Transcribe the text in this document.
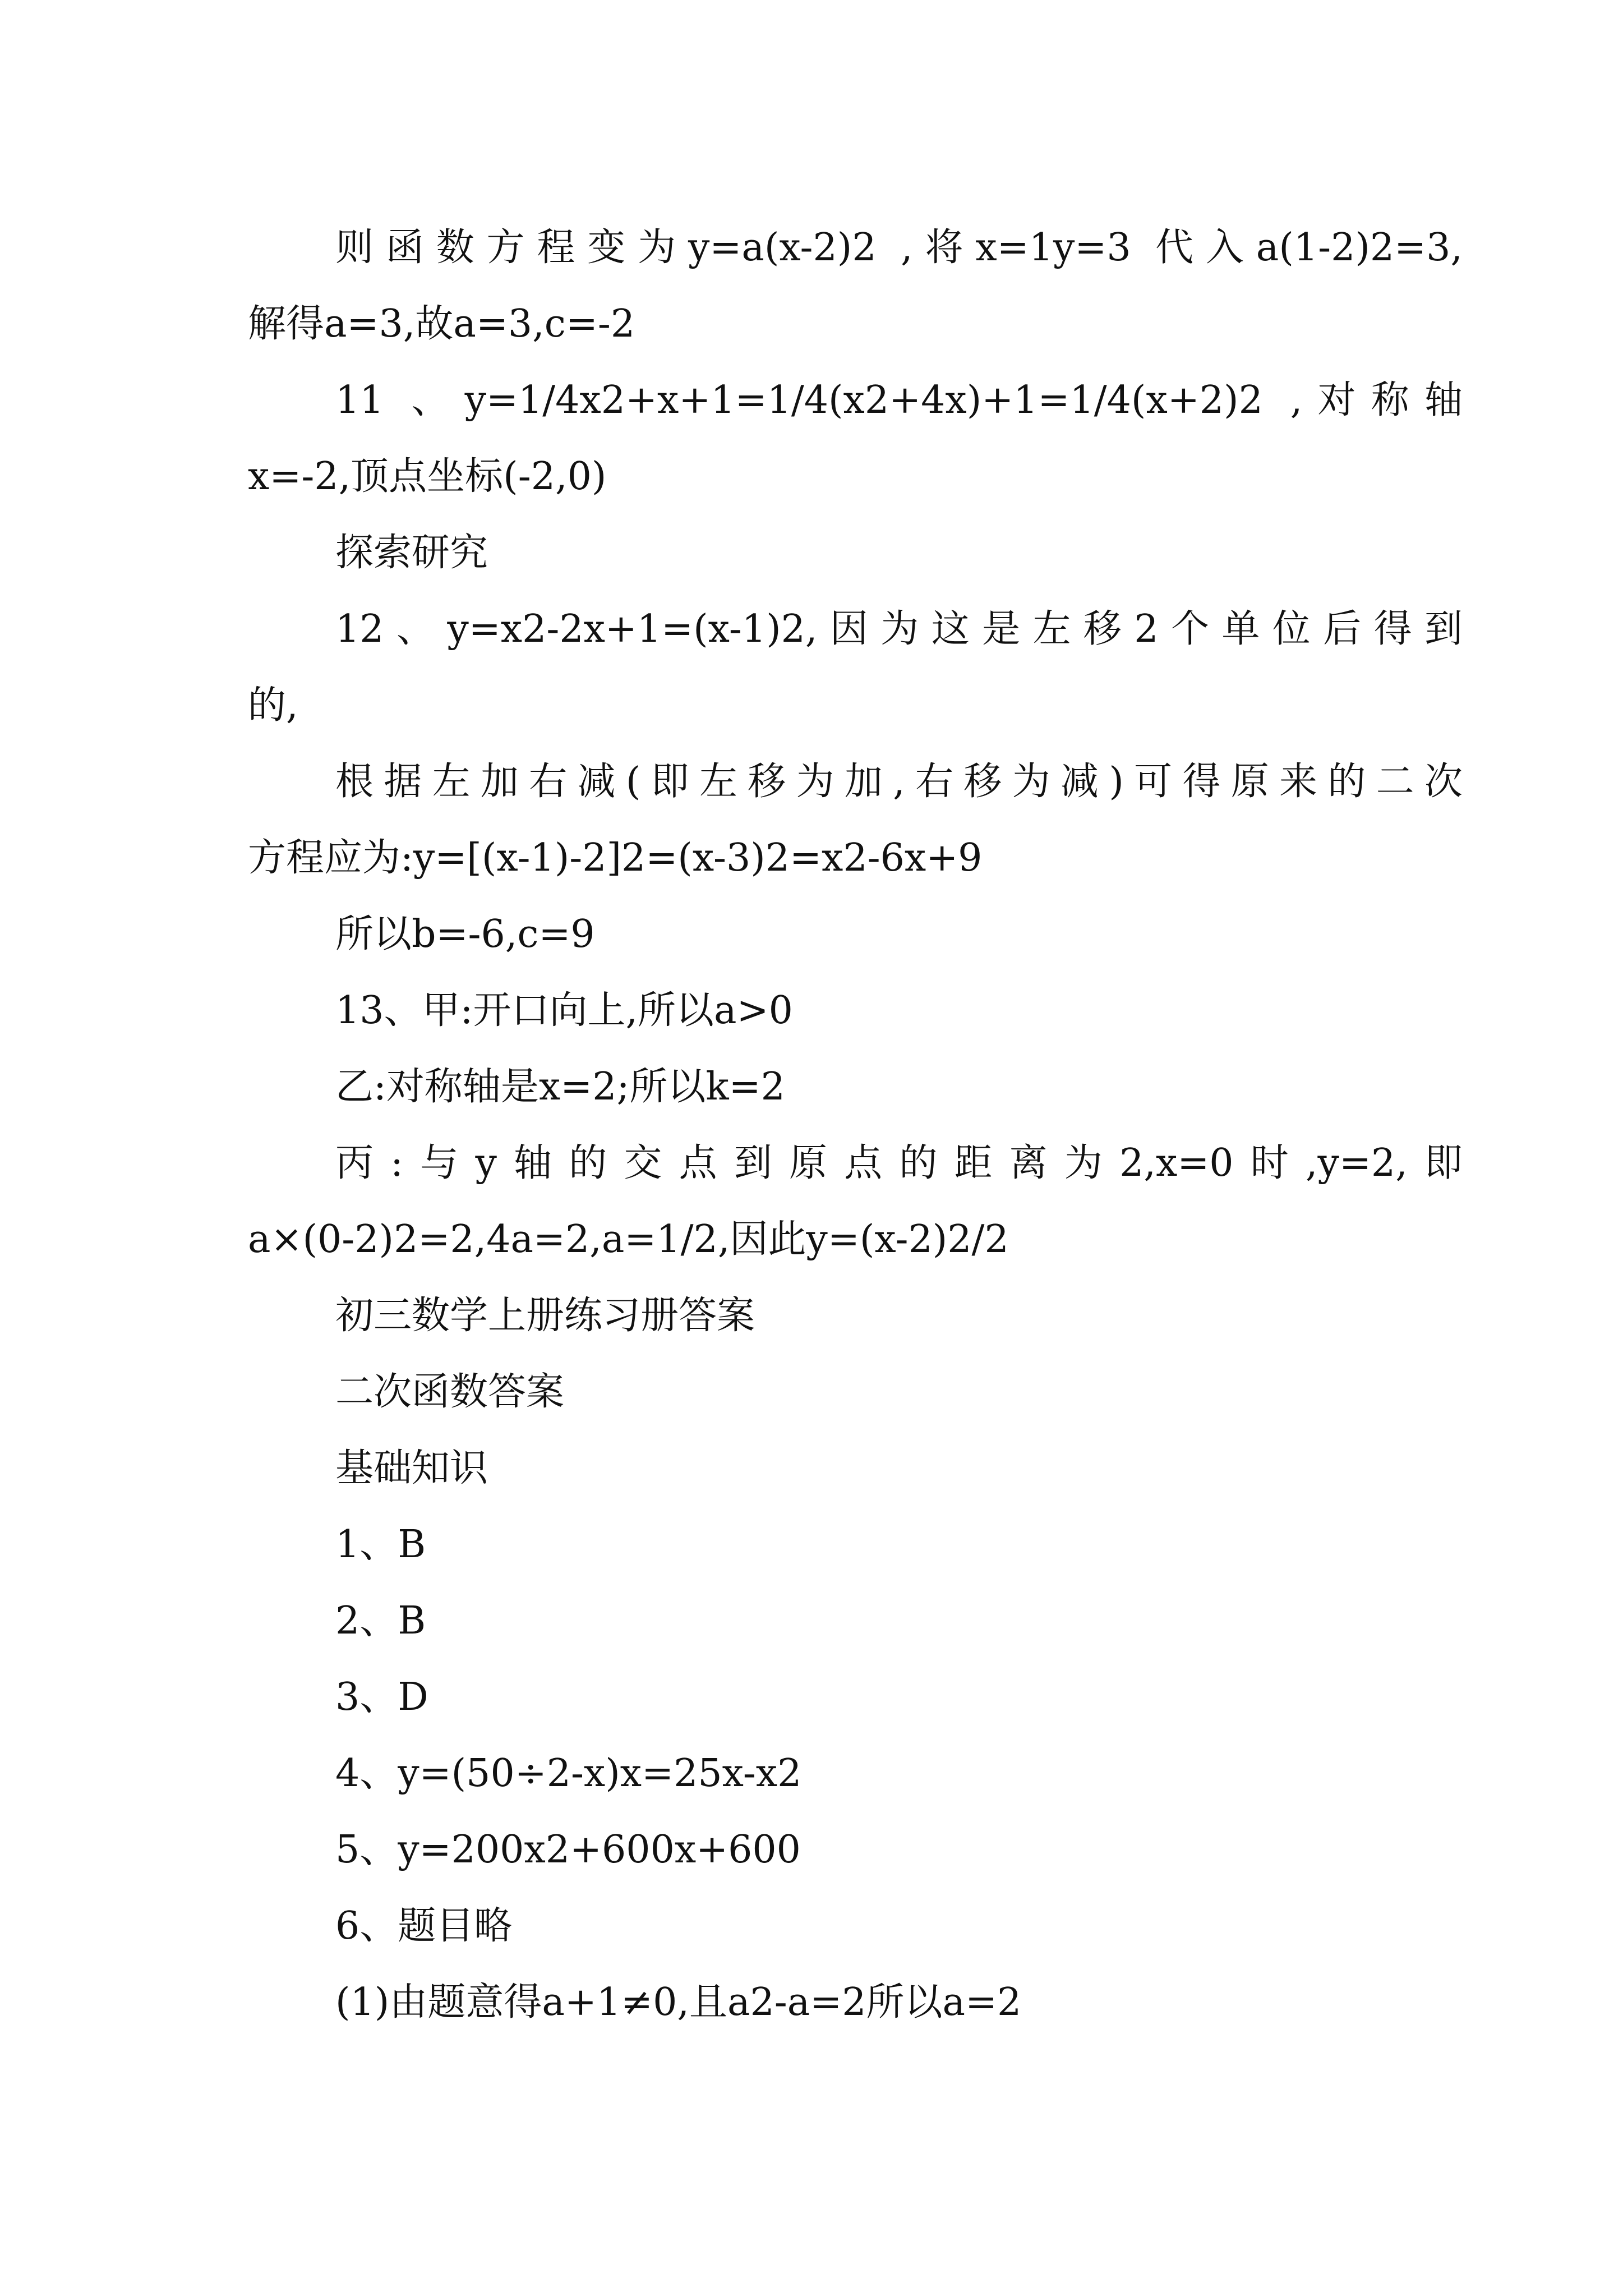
则函数方程变为y=a(x-2)2 ,将x=1y=3 代入a(1-2)2=3,
解得a=3,故a=3,c=-2
11 、y=1/4x2+x+1=1/4(x2+4x)+1=1/4(x+2)2 ,对称轴
x=-2,顶点坐标(-2,0)
探索研究
12、y=x2-2x+1=(x-1)2,因为这是左移2个单位后得到
的,
根据左加右减(即左移为加,右移为减)可得原来的二次
方程应为:y=[(x-1)-2]2=(x-3)2=x2-6x+9
所以b=-6,c=9
13、甲:开口向上,所以a>0
乙:对称轴是x=2;所以k=2
丙:与y轴的交点到原点的距离为2,x=0时,y=2,即
a×(0-2)2=2,4a=2,a=1/2,因此y=(x-2)2/2
初三数学上册练习册答案
二次函数答案
基础知识
1、B
2、B
3、D
4、y=(50÷2-x)x=25x-x2
5、y=200x2+600x+600
6、题目略
(1)由题意得a+1≠0,且a2-a=2所以a=2
